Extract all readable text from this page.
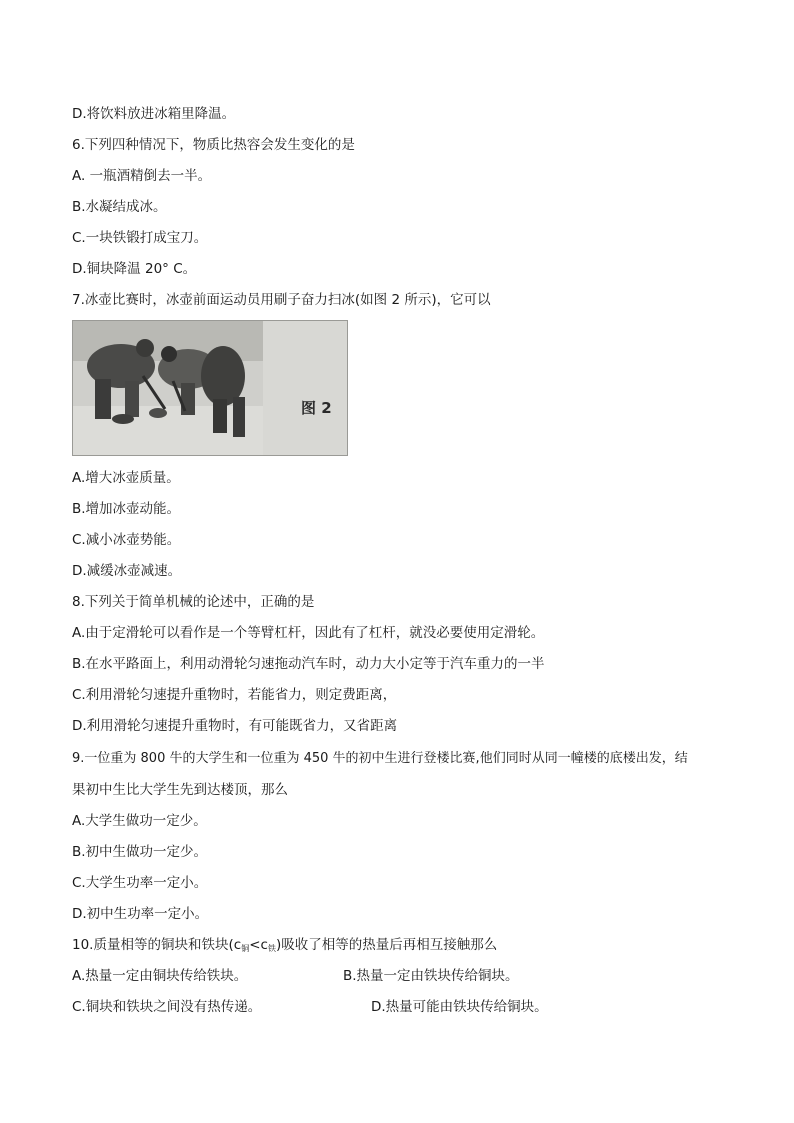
D.将饮料放进冰箱里降温。
6.下列四种情况下，物质比热容会发生变化的是
A. 一瓶酒精倒去一半。
B.水凝结成冰。
C.一块铁锻打成宝刀。
D.铜块降温 20° C。
7.冰壶比赛时，冰壶前面运动员用刷子奋力扫冰(如图 2 所示)，它可以
图 2
A.增大冰壶质量。
B.增加冰壶动能。
C.减小冰壶势能。
D.减缓冰壶减速。
8.下列关于简单机械的论述中，正确的是
A.由于定滑轮可以看作是一个等臂杠杆，因此有了杠杆，就没必要使用定滑轮。
B.在水平路面上，利用动滑轮匀速拖动汽车时，动力大小定等于汽车重力的一半
C.利用滑轮匀速提升重物时，若能省力，则定费距离，
D.利用滑轮匀速提升重物时，有可能既省力，又省距离
9.一位重为 800 牛的大学生和一位重为 450 牛的初中生进行登楼比赛,他们同时从同一幢楼的底楼出发，结
果初中生比大学生先到达楼顶，那么
A.大学生做功一定少。
B.初中生做功一定少。
C.大学生功率一定小。
D.初中生功率一定小。
10.质量相等的铜块和铁块$(c_铜<c_铁)$吸收了相等的热量后再相互接触那么
A.热量一定由铜块传给铁块。	B.热量一定由铁块传给铜块。
C.铜块和铁块之间没有热传递。	D.热量可能由铁块传给铜块。
